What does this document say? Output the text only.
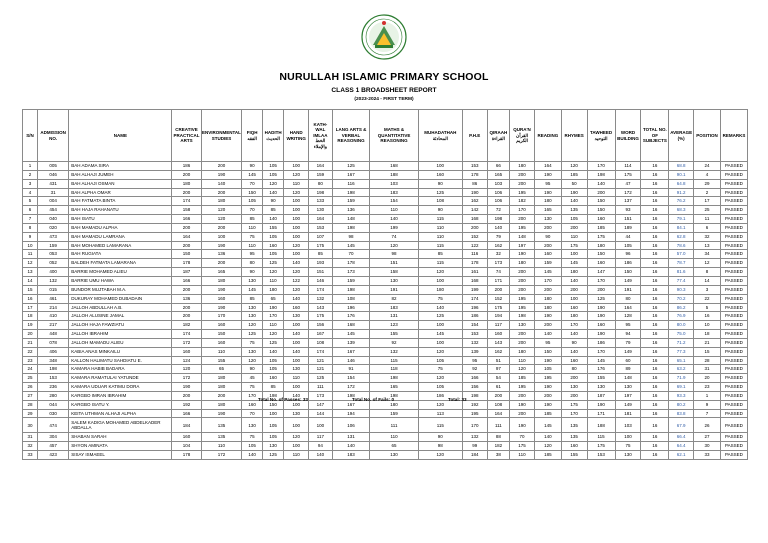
NURULLAH ISLAMIC PRIMARY SCHOOL
CLASS 1 BROADSHEET REPORT
(2023-2024 - FIRST TERM)
S/N	ADMISSION NO.	NAME	CREATIVE PRACTICAL ARTS	ENVIRONMENTAL STUDIES	FIQH الفقه	HADITH الحديث	HAND WRITING	KATH-WAL IMLAA الخط والإملاء	LANG ARTS & VERBAL REASONING	MATHS & QUANTITATIVE REASONING	MUHADATHAH المحادثة	P.H.E	QIRAAH القراءة	QURA'N القرآن الكريم	READING	RHYMES	TAWHEED التوحيد	WORD BUILDING	TOTAL NO. OF SUBJECTS	AVERAGE (%)	POSITION	REMARKS
1	005	BAH ADAMA SIRA	186	200	90	105	100	164	125	168	100	153	66	180	164	120	170	114	16	68.8	24	PASSED
2	046	BAH ALHAJI JUMEH	200	190	145	105	120	159	167	188	160	178	165	200	190	185	198	175	16	90.1	4	PASSED
3	431	BAH ALHAJI OSMAN	180	140	70	120	110	80	116	103	90	86	103	200	95	50	140	47	16	64.8	29	PASSED
4	31	BAH ALPHA OMAR	200	200	150	140	120	198	198	183	125	190	106	195	190	190	200	172	16	91.2	2	PASSED
5	004	BAH FATMATA BINTA	174	180	105	90	100	133	159	154	108	162	106	182	180	140	150	137	16	76.2	17	PASSED
6	454	BAH HAJA RAHANATU	158	120	70	85	100	130	136	110	90	142	72	170	165	135	150	93	16	68.3	25	PASSED
7	040	BAH ISATU	166	120	85	140	100	164	148	140	115	168	198	200	130	105	160	151	16	79.1	11	PASSED
8	020	BAH MAMADU ALPHA	200	200	110	155	100	153	198	199	110	200	140	195	200	200	185	189	16	84.1	6	PASSED
9	473	BAH MAMADU LAMRANA	164	100	75	105	100	107	98	74	110	152	79	148	90	110	175	44	16	62.8	32	PASSED
10	159	BAH MOHAMED LAMARANA	200	190	110	160	120	175	145	120	115	122	162	197	200	175	180	105	16	78.6	13	PASSED
11	053	BAH RUGIATA	150	136	95	105	100	85	70	98	85	116	32	190	160	100	150	96	16	57.0	34	PASSED
12	052	BALDEH FATMATA LAMARANA	178	200	80	125	140	193	178	151	115	178	173	180	159	145	160	186	16	78.7	12	PASSED
13	400	BARRIE MOHAMED ALIEU	187	165	90	120	120	151	173	158	120	161	74	200	145	180	147	150	16	81.6	8	PASSED
14	132	BARRIE UMU HAWA	166	180	130	110	122	146	159	130	100	168	171	200	170	140	170	149	16	77.4	14	PASSED
15	015	BUNDOR MUJTABAH M.A.	200	190	145	180	120	174	198	191	180	199	200	200	200	200	200	191	16	90.3	3	PASSED
16	461	DUKURAY MOHAMED DUBADAIN	136	160	85	65	140	132	108	82	75	174	152	195	180	100	125	80	16	70.2	22	PASSED
17	214	JALLOH ABDULLAH A.B.	200	190	130	190	160	143	196	183	140	196	175	195	180	160	190	164	16	86.2	5	PASSED
18	410	JALLOH ALUSINE JAMAL	200	170	130	170	130	175	176	131	125	186	194	198	190	180	190	128	16	76.9	16	PASSED
19	217	JALLOH HAJA FAWZIATU	182	160	120	110	100	156	168	123	100	154	117	130	200	170	160	95	16	80.0	10	PASSED
20	448	JALLOH IBRAHIM	174	150	125	120	140	167	145	155	145	153	160	200	140	140	190	94	16	75.0	18	PASSED
21	078	JALLOH MAMADU ALIEU	172	160	75	125	100	108	139	92	100	132	143	200	95	90	186	79	16	71.2	21	PASSED
22	406	KABIA ANAS MINKAILU	160	110	130	140	140	174	167	132	120	139	162	180	150	140	170	149	16	77.3	15	PASSED
23	348	KALLON HALIMATU SAHDIATU E.	124	155	120	105	100	121	146	115	105	95	51	110	190	160	145	60	16	65.1	28	PASSED
24	198	KAMARA HABIB BADARA	120	65	90	105	130	121	91	118	75	92	97	120	105	80	176	89	16	63.2	31	PASSED
25	153	KAMARA RAMATULAI YATUNDE	172	180	45	160	110	125	154	198	120	166	54	185	195	200	155	148	16	71.9	20	PASSED
26	236	KAMARA UDUAR KATIMU DORA	190	180	75	85	100	111	172	165	105	156	61	195	190	130	130	130	16	69.1	23	PASSED
27	280	KARGBO IMRAN IBRAHIM	200	200	170	198	140	173	198	198	186	198	200	200	200	200	187	197	16	93.3	1	PASSED
28	044	KARGBO ISATU Y.	192	180	160	150	100	147	167	180	120	192	108	190	190	175	190	149	16	80.2	9	PASSED
29	030	KEITA UTHMAN ALHAJI ALPHA	166	190	70	100	130	144	194	159	113	195	164	200	185	170	171	181	16	83.8	7	PASSED
30	474	SALEM KADIGA MOHAMED ABDELKADER ABDALLA	184	135	130	105	100	100	106	111	115	170	111	190	145	135	188	103	16	67.9	26	PASSED
31	304	SHABAN SARAH	160	135	75	105	120	117	131	110	90	132	88	70	140	135	115	100	16	66.4	27	PASSED
32	457	SHYON AMINATA	104	110	105	130	100	94	140	65	98	99	182	175	120	160	175	75	16	64.4	30	PASSED
33	423	SISAY ISMAEEL	178	172	140	125	110	140	183	130	120	184	38	110	185	155	153	130	16	62.1	33	PASSED
Total No. of Passes: 33	Total No. of Fails: 0	Total: 33
